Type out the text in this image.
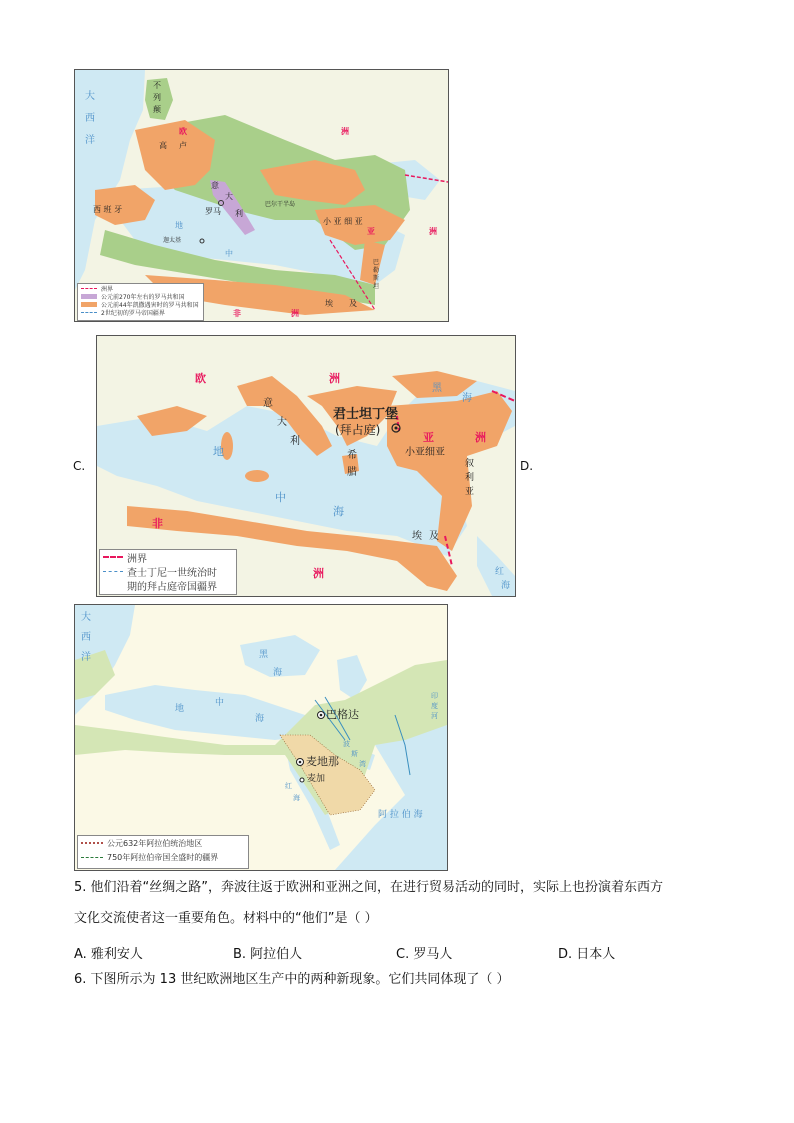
大
西
洋
不
列
颠
欧	洲
高 卢
西 班 牙
意
大
利
罗马
巴尔干半岛
小 亚 细 亚
亚	洲
迦太基
地
中
巴
勒
斯
坦
埃 及
非	洲
洲界
公元前270年左右的罗马共和国
公元前44年凯撒遇害时的罗马共和国
2世纪初的罗马帝国疆界
C.	D.
非
欧	洲
意
大
利
君士坦丁堡
(拜占庭)
希
腊
亚	洲
小亚细亚
叙
利
亚
地
中
海
黑
海
埃 及
洲	红
海
洲界
查士丁尼一世统治时
期的拜占庭帝国疆界
大
西
洋	黑
海
地
中
海	巴格达
麦地那
麦加
阿 拉 伯 海
印
度
河
波
斯
湾
红
海
公元632年阿拉伯统治地区
750年阿拉伯帝国全盛时的疆界
5. 他们沿着“丝绸之路”，奔波往返于欧洲和亚洲之间，在进行贸易活动的同时，实际上也扮演着东西方
文化交流使者这一重要角色。材料中的“他们”是（ ）
A. 雅利安人	B. 阿拉伯人	C. 罗马人	D. 日本人
6. 下图所示为 13 世纪欧洲地区生产中的两种新现象。它们共同体现了（ ）
